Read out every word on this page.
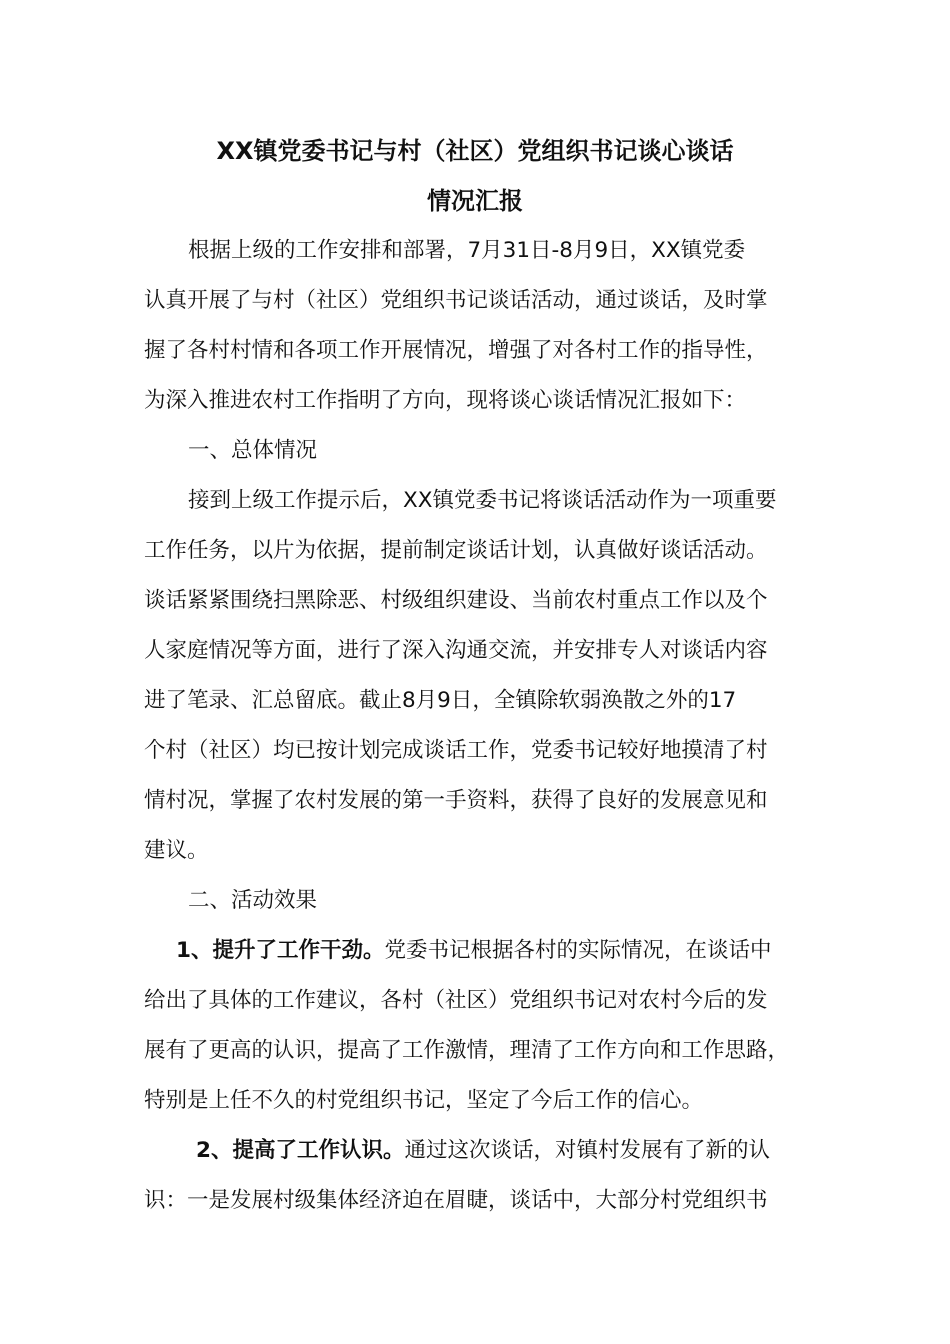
XX镇党委书记与村（社区）党组织书记谈心谈话

情况汇报

根据上级的工作安排和部署，7月31日-8月9日，XX镇党委

认真开展了与村（社区）党组织书记谈话活动，通过谈话，及时掌

握了各村村情和各项工作开展情况，增强了对各村工作的指导性，

为深入推进农村工作指明了方向，现将谈心谈话情况汇报如下：

一、总体情况

接到上级工作提示后，XX镇党委书记将谈话活动作为一项重要

工作任务，以片为依据，提前制定谈话计划，认真做好谈话活动。

谈话紧紧围绕扫黑除恶、村级组织建设、当前农村重点工作以及个

人家庭情况等方面，进行了深入沟通交流，并安排专人对谈话内容

进了笔录、汇总留底。截止8月9日，全镇除软弱涣散之外的17

个村（社区）均已按计划完成谈话工作，党委书记较好地摸清了村

情村况，掌握了农村发展的第一手资料，获得了良好的发展意见和

建议。

二、活动效果

1、提升了工作干劲。党委书记根据各村的实际情况，在谈话中

给出了具体的工作建议，各村（社区）党组织书记对农村今后的发

展有了更高的认识，提高了工作激情，理清了工作方向和工作思路，

特别是上任不久的村党组织书记，坚定了今后工作的信心。

2、提高了工作认识。通过这次谈话，对镇村发展有了新的认

识：一是发展村级集体经济迫在眉睫，谈话中，大部分村党组织书
